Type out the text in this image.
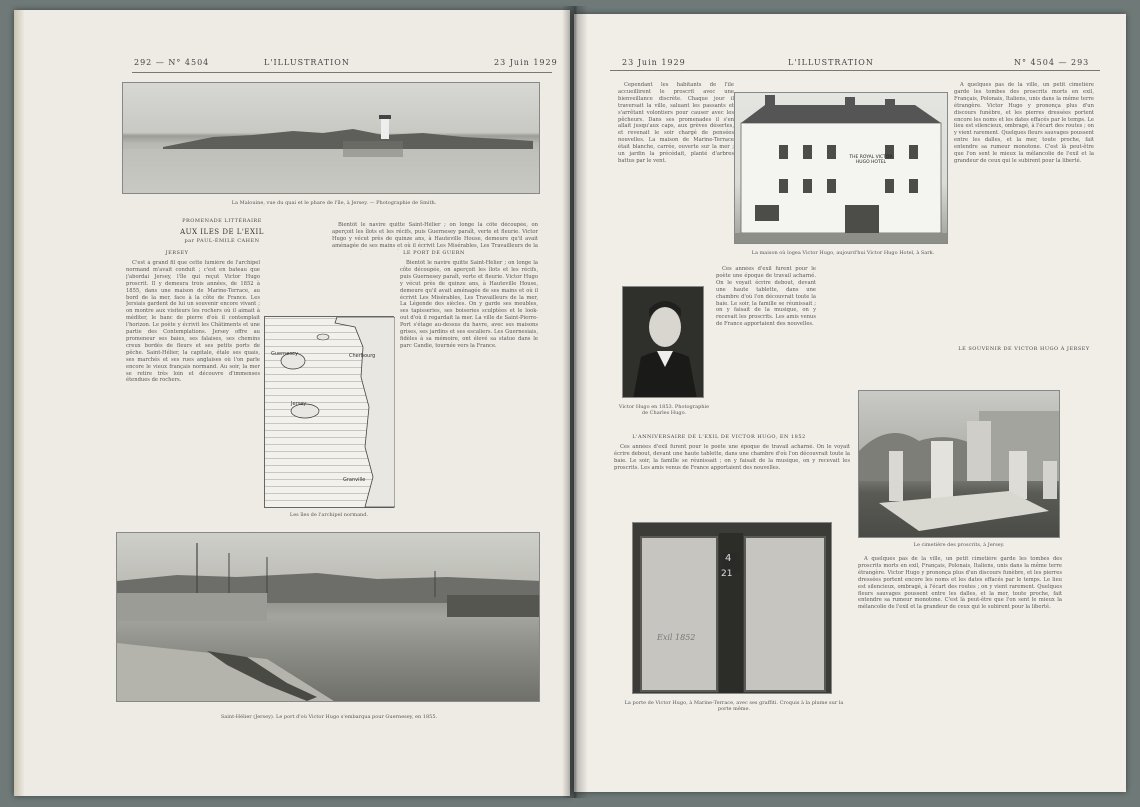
292 — N° 4504	L'ILLUSTRATION	23 Juin 1929
La Malouine, vue du quai et le phare de l'île, à Jersey. — Photographie de Smith.
PROMENADE LITTÉRAIRE
AUX ILES DE L'EXIL
par PAUL-ÉMILE CAHEN
JERSEY	LE PORT DE GUERN

C'est à grand fil que cette lumière de l'archipel normand m'avait conduit ; c'est en bateau que j'abordai Jersey, l'île qui reçut Victor Hugo proscrit. Il y demeura trois années, de 1852 à 1855, dans une maison de Marine-Terrace, au bord de la mer, face à la côte de France. Les Jersiais gardent de lui un souvenir encore vivant ; on montre aux visiteurs les rochers où il aimait à méditer, le banc de pierre d'où il contemplait l'horizon. Le poète y écrivit les Châtiments et une partie des Contemplations. Jersey offre au promeneur ses baies, ses falaises, ses chemins creux bordés de fleurs et ses petits ports de pêche. Saint-Hélier, la capitale, étale ses quais, ses marchés et ses rues anglaises où l'on parle encore le vieux français normand. Au soir, la mer se retire très loin et découvre d'immenses étendues de rochers.

Guernesey
Jersey
Cherbourg
Granville
Les îles de l'archipel normand.

Bientôt le navire quitte Saint-Hélier ; on longe la côte découpée, on aperçoit les îlots et les récifs, puis Guernesey paraît, verte et fleurie. Victor Hugo y vécut près de quinze ans, à Hauteville House, demeure qu'il avait aménagée de ses mains et où il écrivit Les Misérables, Les Travailleurs de la mer, La Légende des siècles. On y garde ses meubles, ses tapisseries, ses boiseries sculptées et le look-out d'où il regardait la mer. La ville de Saint-Pierre-Port s'étage au-dessus du havre, avec ses maisons grises, ses jardins et ses escaliers. Les Guernesiais, fidèles à sa mémoire, ont élevé sa statue dans le parc Candie, tournée vers la France.

Bientôt le navire quitte Saint-Hélier ; on longe la côte découpée, on aperçoit les îlots et les récifs, puis Guernesey paraît, verte et fleurie. Victor Hugo y vécut près de quinze ans, à Hauteville House, demeure qu'il avait aménagée de ses mains et où il écrivit Les Misérables, Les Travailleurs de la

Saint-Hélier (Jersey). Le port d'où Victor Hugo s'embarqua pour Guernesey, en 1855.
23 Juin 1929	L'ILLUSTRATION	N° 4504 — 293

Cependant les habitants de l'île accueillirent le proscrit avec une bienveillance discrète. Chaque jour il traversait la ville, saluant les passants et s'arrêtant volontiers pour causer avec les pêcheurs. Dans ses promenades il s'en allait jusqu'aux caps, aux grèves désertes, et revenait le soir chargé de pensées nouvelles. La maison de Marine-Terrace était blanche, carrée, ouverte sur la mer ; un jardin la précédait, planté d'arbres battus par le vent.

THE ROYAL VICTOR HUGO HOTEL
La maison où logea Victor Hugo, aujourd'hui Victor Hugo Hotel, à Sark.

Ces années d'exil furent pour le poète une époque de travail acharné. On le voyait écrire debout, devant une haute tablette, dans une chambre d'où l'on découvrait toute la baie. Le soir, la famille se réunissait ; on y faisait de la musique, on y recevait les proscrits. Les amis venus de France apportaient des nouvelles.

Victor Hugo en 1853. Photographie de Charles Hugo.

À quelques pas de la ville, un petit cimetière garde les tombes des proscrits morts en exil, Français, Polonais, Italiens, unis dans la même terre étrangère. Victor Hugo y prononça plus d'un discours funèbre, et les pierres dressées portent encore les noms et les dates effacés par le temps. Le lieu est silencieux, ombragé, à l'écart des routes ; on y vient rarement. Quelques fleurs sauvages poussent entre les dalles, et la mer, toute proche, fait entendre sa rumeur monotone. C'est là peut-être que l'on sent le mieux la mélancolie de l'exil et la grandeur de ceux qui le subirent pour la liberté.

LE SOUVENIR DE VICTOR HUGO À JERSEY
Le cimetière des proscrits, à Jersey.
L'ANNIVERSAIRE DE L'EXIL DE VICTOR HUGO, EN 1852

Ces années d'exil furent pour le poète une époque de travail acharné. On le voyait écrire debout, devant une haute tablette, dans une chambre d'où l'on découvrait toute la baie. Le soir, la famille se réunissait ; on y faisait de la musique, on y recevait les proscrits. Les amis venus de France apportaient des nouvelles.

4
21
Exil 1852
La porte de Victor Hugo, à Marine-Terrace, avec ses graffiti. Croquis à la plume sur la porte même.

À quelques pas de la ville, un petit cimetière garde les tombes des proscrits morts en exil, Français, Polonais, Italiens, unis dans la même terre étrangère. Victor Hugo y prononça plus d'un discours funèbre, et les pierres dressées portent encore les noms et les dates effacés par le temps. Le lieu est silencieux, ombragé, à l'écart des routes ; on y vient rarement. Quelques fleurs sauvages poussent entre les dalles, et la mer, toute proche, fait entendre sa rumeur monotone. C'est là peut-être que l'on sent le mieux la mélancolie de l'exil et la grandeur de ceux qui le subirent pour la liberté.
